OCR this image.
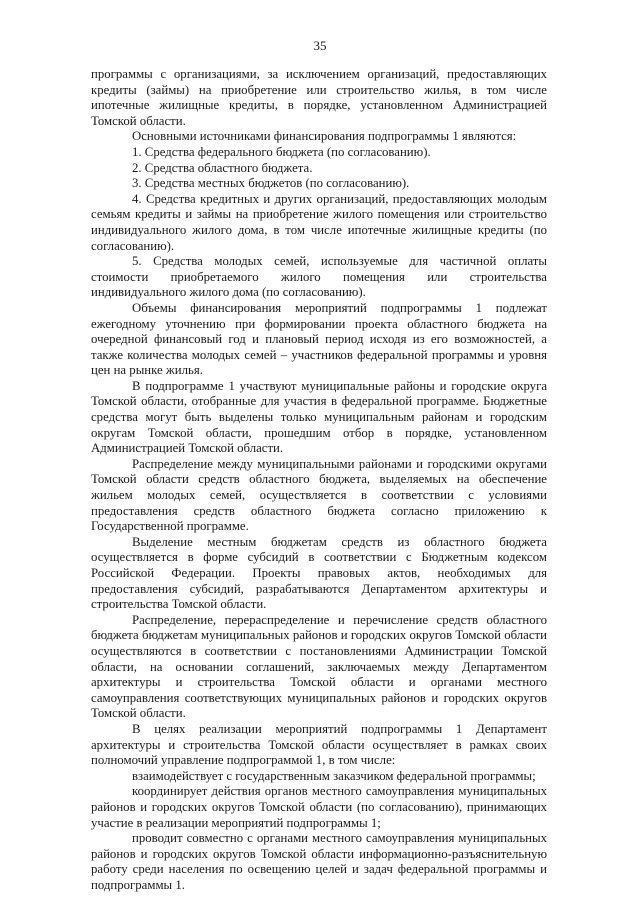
35

программы с организациями, за исключением организаций, предоставляющих кредиты (займы) на приобретение или строительство жилья, в том числе ипотечные жилищные кредиты, в порядке, установленном Администрацией Томской области.

Основными источниками финансирования подпрограммы 1 являются:

1. Средства федерального бюджета (по согласованию).

2. Средства областного бюджета.

3. Средства местных бюджетов (по согласованию).

4. Средства кредитных и других организаций, предоставляющих молодым семьям кредиты и займы на приобретение жилого помещения или строительство индивидуального жилого дома, в том числе ипотечные жилищные кредиты (по согласованию).

5. Средства молодых семей, используемые для частичной оплаты стоимости приобретаемого жилого помещения или строительства индивидуального жилого дома (по согласованию).

Объемы финансирования мероприятий подпрограммы 1 подлежат ежегодному уточнению при формировании проекта областного бюджета на очередной финансовый год и плановый период исходя из его возможностей, а также количества молодых семей – участников федеральной программы и уровня цен на рынке жилья.

В подпрограмме 1 участвуют муниципальные районы и городские округа Томской области, отобранные для участия в федеральной программе. Бюджетные средства могут быть выделены только муниципальным районам и городским округам Томской области, прошедшим отбор в порядке, установленном Администрацией Томской области.

Распределение между муниципальными районами и городскими округами Томской области средств областного бюджета, выделяемых на обеспечение жильем молодых семей, осуществляется в соответствии с условиями предоставления средств областного бюджета согласно приложению к Государственной программе.

Выделение местным бюджетам средств из областного бюджета осуществляется в форме субсидий в соответствии с Бюджетным кодексом Российской Федерации. Проекты правовых актов, необходимых для предоставления субсидий, разрабатываются Департаментом архитектуры и строительства Томской области.

Распределение, перераспределение и перечисление средств областного бюджета бюджетам муниципальных районов и городских округов Томской области осуществляются в соответствии с постановлениями Администрации Томской области, на основании соглашений, заключаемых между Департаментом архитектуры и строительства Томской области и органами местного самоуправления соответствующих муниципальных районов и городских округов Томской области.

В целях реализации мероприятий подпрограммы 1 Департамент архитектуры и строительства Томской области осуществляет в рамках своих полномочий управление подпрограммой 1, в том числе:

взаимодействует с государственным заказчиком федеральной программы;

координирует действия органов местного самоуправления муниципальных районов и городских округов Томской области (по согласованию), принимающих участие в реализации мероприятий подпрограммы 1;

проводит совместно с органами местного самоуправления муниципальных районов и городских округов Томской области информационно-разъяснительную работу среди населения по освещению целей и задач федеральной программы и подпрограммы 1.
